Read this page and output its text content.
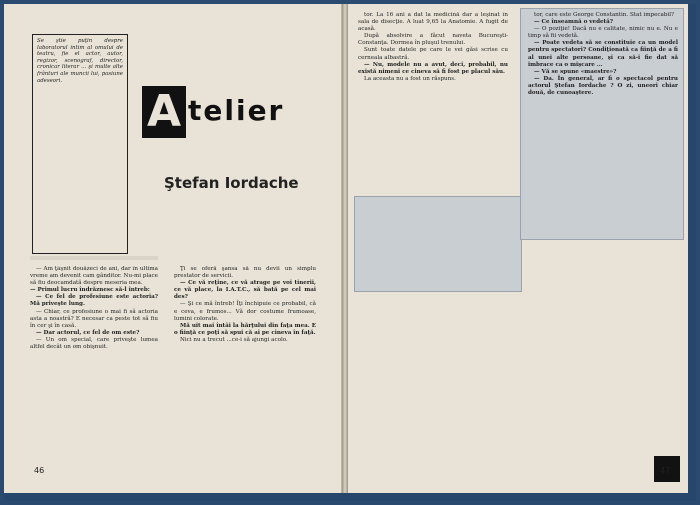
Se ştie puţin despre laboratorul intim al omului de teatru, fie el actor, autor, regizor, scenograf, director, cronicar literar ... şi multe alte frânturi ale muncii lui, pasiune adeseori.

A telier
Ştefan Iordache

— Am ţâşnit douăzeci de ani, dar în ultima vreme am devenit cam gânditor. Nu-mi place să fiu deocamdată despre meseria mea.

— Primul lucru îndrăznesc să-l întreb:

— Ce fel de profesiune este actoria? Mă priveşte lung.

— Chiar, ce profesiune o mai fi să actoria asta a noastră? E necesar ca peste tot să fiu în cer şi în casă.

— Dar actorul, ce fel de om este?

— Un om special, care priveşte lumea altfel decât un om obişnuit.

Ţi se oferă şansa să nu devii un simplu prestator de servicii.

— Ce vă reţine, ce vă atrage pe voi tinerii, ce vă place, la I.A.T.C., să bată pe cel mai des?

— Şi ce mă întreb! Îţi închipuie ce probabil, că e ceva, e frumos... Vă dor costume frumoase, lumini colorate.

Mă uit mai întâi la hărţului din faţa mea. E o fiinţă ce poţi să spui că ai pe cineva în faţă.

Nici nu a trecut ...ce-i să ajungi acolo.

46

tor. La 16 ani a dat la medicină dar a leşinat în sala de disecţie. A luat 9,65 la Anatomie. A fugit de acasă.

După absolvire a făcut naveta Bucureşti-Constanţa. Dormea în pluşul trenului.

Sunt toate datele pe care le vei găsi scrise cu cerneala albastră.

— Nu, modele nu a avut, deci, probabil, nu există nimeni ce cineva să fi fost pe placul său.

La aceasta nu a fost un răspuns.

tor, care este George Constantin. Stat impecabil?

— Ce înseamnă o vedetă?

— O poziţie! Dacă nu e calitate, nimic nu e. Nu e timp să fii vedetă.

— Poate vedeta să se constituie ca un model pentru spectatori? Condiţionată ca fiinţă de a fi al unei alte persoane, şi ca să-i fie dat să îmbrace ca o mişcare ...

— Vă se spune «maestre»?

— Da. În general, ar fi o spectacol pentru actorul Ştefan Iordache ? O zi, uneori chiar două, de cunoaştere.

47
